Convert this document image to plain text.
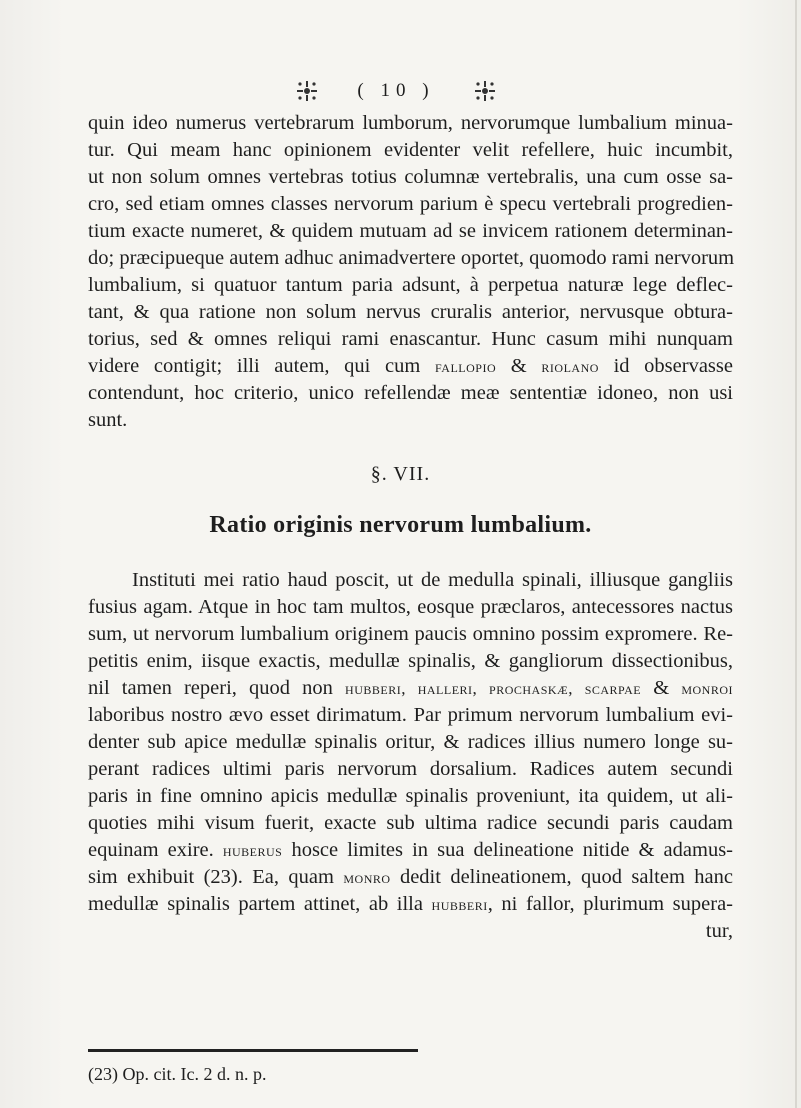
( 10 )
quin ideo numerus vertebrarum lumborum, nervorumque lumbalium minua-
tur. Qui meam hanc opinionem evidenter velit refellere, huic incumbit,
ut non solum omnes vertebras totius columnæ vertebralis, una cum osse sa-
cro, sed etiam omnes classes nervorum parium è specu vertebrali progredien-
tium exacte numeret, & quidem mutuam ad se invicem rationem determinan-
do; præcipueque autem adhuc animadvertere oportet, quomodo rami nervorum
lumbalium, si quatuor tantum paria adsunt, à perpetua naturæ lege deflec-
tant, & qua ratione non solum nervus cruralis anterior, nervusque obtura-
torius, sed & omnes reliqui rami enascantur. Hunc casum mihi nunquam
videre contigit; illi autem, qui cum fallopio & riolano id observasse
contendunt, hoc criterio, unico refellendæ meæ sententiæ idoneo, non usi
sunt.
§. VII.
Ratio originis nervorum lumbalium.
Instituti mei ratio haud poscit, ut de medulla spinali, illiusque gangliis
fusius agam. Atque in hoc tam multos, eosque præclaros, antecessores nactus
sum, ut nervorum lumbalium originem paucis omnino possim expromere. Re-
petitis enim, iisque exactis, medullæ spinalis, & gangliorum dissectionibus,
nil tamen reperi, quod non hubberi, halleri, prochaskæ, scarpae & monroi
laboribus nostro ævo esset dirimatum. Par primum nervorum lumbalium evi-
denter sub apice medullæ spinalis oritur, & radices illius numero longe su-
perant radices ultimi paris nervorum dorsalium. Radices autem secundi
paris in fine omnino apicis medullæ spinalis proveniunt, ita quidem, ut ali-
quoties mihi visum fuerit, exacte sub ultima radice secundi paris caudam
equinam exire. huberus hosce limites in sua delineatione nitide & adamus-
sim exhibuit (23). Ea, quam monro dedit delineationem, quod saltem hanc
medullæ spinalis partem attinet, ab illa hubberi, ni fallor, plurimum supera-
tur,
(23) Op. cit. Ic. 2 d. n. p.
